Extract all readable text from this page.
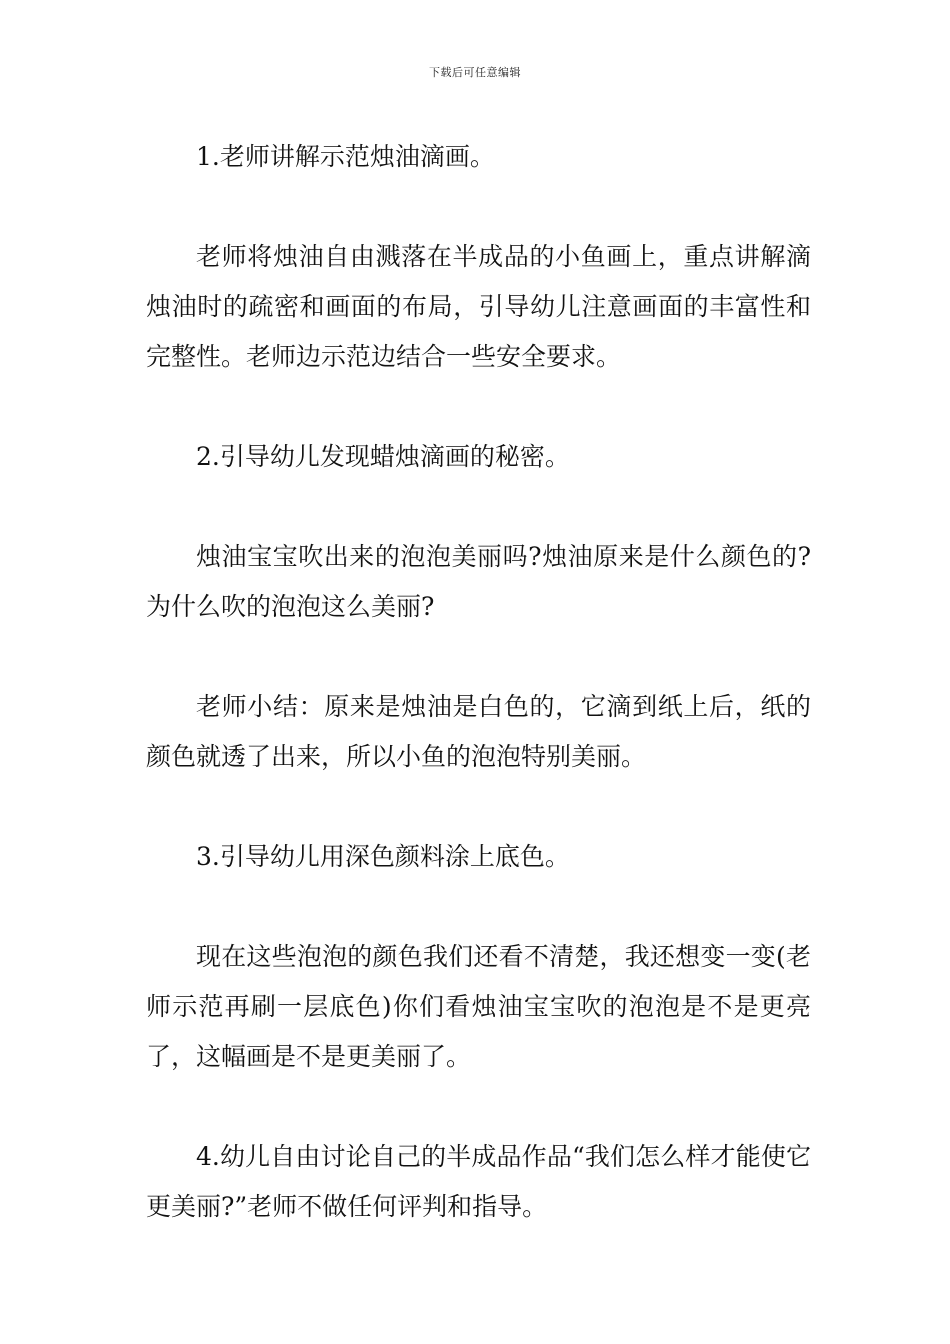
下载后可任意编辑

1.老师讲解示范烛油滴画。

老师将烛油自由溅落在半成品的小鱼画上，重点讲解滴烛油时的疏密和画面的布局，引导幼儿注意画面的丰富性和完整性。老师边示范边结合一些安全要求。

2.引导幼儿发现蜡烛滴画的秘密。

烛油宝宝吹出来的泡泡美丽吗?烛油原来是什么颜色的?为什么吹的泡泡这么美丽?

老师小结：原来是烛油是白色的，它滴到纸上后，纸的颜色就透了出来，所以小鱼的泡泡特别美丽。

3.引导幼儿用深色颜料涂上底色。

现在这些泡泡的颜色我们还看不清楚，我还想变一变(老师示范再刷一层底色)你们看烛油宝宝吹的泡泡是不是更亮了，这幅画是不是更美丽了。

4.幼儿自由讨论自己的半成品作品“我们怎么样才能使它更美丽?”老师不做任何评判和指导。
